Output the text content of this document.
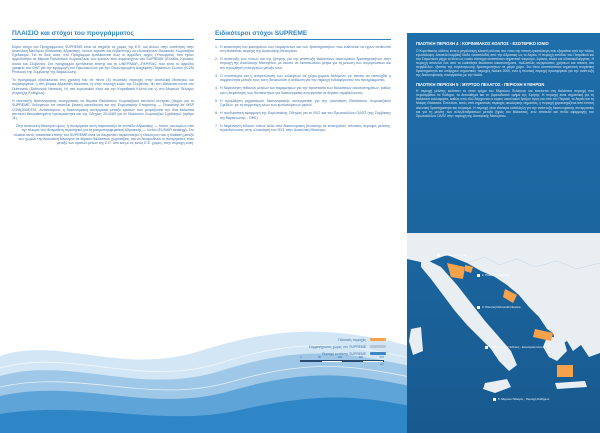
ΠΛΑΙΣΙΟ και στόχοι του προγράμματος

Κύριο στόχο του Προγράμματος SUPREME είναι να στηρίξει τις χώρες της Ε.Ε. και άλλων στην εκπόνηση στην Ανατολική Μεσόγειο (Θάλασσες Αδριατικής, Ιονίου, Αιγαίου και Λεβαντίνης) να υλοποιήσουν Θαλάσσιο Χωροταξικό Σχεδιασμό. Για το δική αυτό, στο Πρόγραμμα εμπλέκονται όλες οι αρμόδιες αρχές (Υπουργεία) που έχουν αρμοδιότητα σε θέματα Θαλάσσιου Χωροταξικού των κρατών που συμμετέχουν στο SUPREME (Ελλάδα, Κροατία, Ιταλία και Σλοβενία). Στο πρόγραμμα εμπλέκεται επίσης και το UNEP/MAP—PAP/RAC που είναι το αρμόδιο γραφείο του ΟΗΕ για την εφαρμογή του Πρωτοκόλλου για την Ολοκληρωμένη Διαχείριση Παράκτιων Ζωνών (ICZM Protocol) της Σύμβασης της Βαρκελώνης.

Το πρόγραμμα εξειδικεύεται στη χρονική του σε πέντε (5) πιλοτικές περιοχές στην Ανατολική Μεσόγειο και συγκεκριμένα: i) στη βόρεια Αδριατική θάλασσα, ii) στην περιοχή κοίλο της Σλοβενίας, iii) στη θάλασσα κοντά στο Dubrovnik (Dubrovnik Neretva), iv) στο ευρωπαϊκό Ιόνιο και την Κορινθιακό Κόλπο και v) στο Μυρτώο Πέλαγος (περιοχής Κυθήρων).

Η ανάπτυξη διασυνοριακής συνεργασίας σε θέματα Θαλάσσιου Χωροταξικού αποτελεί κεντρικό ζήτημα για το SUPREME, δεδομένου ότι αποτελεί βασική κατεύθυνση και της Ευρωπαϊκής Επιτροπής — Roadmap for MSP COM(2008)791. Ανταπόκρινα, η διασυνοριακή συνεργασία μεταξύ κρατών που μοιράζονται την ίδια θάλασσα αποτελεί θεσμοθετημένη προτεραιότητα και της Οδηγίας 2014/89 για το Θαλάσσιο Χωροταξικό Σχεδιασμό (άρθρο 11).

Στην Ανατολική Μεσόγειο όμως, η συνεργασία αυτή παρουσιάζει σε επίπεδο Αδριατικής — Ιονίου, και κυρίως από την πλευρά των θεσμοθέτη στρατηγική για τη μακροπεριφερειακή Αδριατικής — Ιονίου (EUSAIR strategy). Στο πλαίσιο αυτό, απαιτείται επίσης του SUPREME είναι να διευρυνθεί περισσότερο η «διάλογος» και η διάθεση μεταξύ των χωρών την Ανατολική Μεσόγειο σε θέματα Θαλάσσιου χωροταξίας, και να διευρυνθούν οι συνεργασίες τόσο μεταξύ των κρατών-μελών της Ε.Ε. όσο και με τις εκτός Ε.Ε. χώρες, στην περιοχή αυτή.

Ειδικότεροι στόχοι SUPREME
1. Η κατανόηση του φαινομένου των παραγόντων και των δραστηριοτήτων που ευθύνεται να έχουν αντίκτυπο στη θαλάσσια περιοχή της Ανατολικής Μεσογείου.
2. Η ανάπτυξη των τύπων και της ζήτησης για την ανάπτυξη θαλάσσιων οικονομικών δραστηριοτήτων στην περιοχή της Ανατολικής Μεσογείου, με σκοπό να διατυπωθούν μέτρα για τη μείωση των συγκρούσεων και την προώθηση συνεργειών μεταξύ τους.
3. Ο εντοπισμός και η αντιμετώπιση των ελλείψεων σε χώρο-χωρικά δεδομένα, με σκοπό να επιτευχθεί η συμβατότητα μεταξύ τους και η διευκολύνει η ανάλυση για την περιοχή ενδιαφέροντος του προγράμματος.
4. Η διερεύνηση πιθανών μέτρων και παραμέτρων για την προστασία των θαλάσσιων οικοσυστημάτων, καθώς και η διερεύνηση των δυνατοτήτων για διασυνοριακή συνεργασία σε θέματα περιβάλλοντος.
5. Η προώθηση μηχανισμών διασυνοριακής συνεργασίας για την υλοποίηση Θαλάσσιων Χωροταξικών Σχεδίων, με τη συμμετοχή όλων των εμπλεκόμενων μερών.
6. Η συνδυαστική εφαρμογή της Ευρωπαϊκής Οδηγίας για το ΘΧΣ και του Πρωτοκόλλου ΟΔΠΖ (της Σύμβασης της Βαρκελώνης - ΟΗΕ).
7. Η διερεύνηση ειδικών τύπων αλλά από διασυνοριακή (πιλοτικής σε επιλεγμένες πιλοτικές περιοχές μελέτης, προσδιόνοντας στην υλοποίηση του ΘΧΣ στην Ανατολική Μεσόγειο.
Πιλοτικές περιοχές
Συμμετέχουσες χώρες στο SUPREME
Περιοχή εστίασης SUPREME
0	95	190	380	570
km
ΠΙΛΟΤΙΚΗ ΠΕΡΙΟΧΗ 4 : ΚΟΡΙΝΘΙΑΚΟΣ ΚΟΛΠΟΣ - ΕΣΩΤΕΡΙΚΟ ΙΟΝΙΟ

Ο Κορινθιακός κόλπος είναι η μεγαλύτερη κλειστή κόλπος στο νότιο της τοπική εγκατάλειψη που εξαρτάται από την πόλεις εγκατάλειψη. Αποτελεί κομβική δίοδο ναυσιπλοΐας από την Αδριατική ως το Αιγαίο. Η περιοχή εισόδου του Πατραϊκού και του Σαρωνικού μέχρι το Ιόνιο ως ενιαίο σύστημα αναπτύσσει σημαντικό τουρισμό, λιμάνια, αλιεία και υδατοκαλλιέργειες. Η περιοχή αποτελεί ένα από τα ευαίσθητα θαλάσσια οικοσυστήματα, πολλαπλές συγκρούσεις χρήσεων και πιέσεις στο περιβάλλον, εξαιτίας της συγκέντρωσης δραστηριοτήτων σε μικρό χώρο. Στο Ιόνιο αναπτύσσεται σημαντική τουριστική δραστηριότητα και υπάρχουν σημαντικές περιοχές Natura 2000, ενώ η πιλοτική περιοχή προσφέρεται για την ανάπτυξη της διασυνοριακής συνεργασίας με την Ιταλία.

ΠΙΛΟΤΙΚΗ ΠΕΡΙΟΧΗ 5 : ΜΥΡΤΩΟ ΠΕΛΑΓΟΣ - ΠΕΡΙΟΧΗ ΚΥΘΗΡΩΝ

Η περιοχή μελέτης καλύπτει το νότιο τμήμα του Μυρτώου Πελάγους και εκτείνεται στη θαλάσσια περιοχή που περιλαμβάνει τα Κύθηρα, τα Αντικύθηρα και το βορειοδυτικό τμήμα της Κρήτης. Η περιοχή είναι σημαντική για τη θαλάσσια κυκλοφορία, καθώς από εδώ διέρχονται οι κύριοι ναυτιλιακοί δρόμοι προς και από τον Πειραιά, το Αιγαίο και τη Μαύρη Θάλασσα. Επιπλέον, εκτός από σημαντικές περιοχές οικολογικής σημασίας, η περιοχή χαρακτηρίζεται από έντονη αλιευτική δραστηριότητα και τουρισμό. Η περιοχή είναι ιδιαίτερα κατάλληλη για την ανάπτυξη διασυνοριακής συνεργασίας και για τη μελέτη των αλληλεπιδράσεων μεταξύ ξηράς και θάλασσας, ενώ αποτελεί και πεδίο εφαρμογής του Πρωτοκόλλου ΟΔΠΖ στην περιοχή της Ανατολικής Μεσογείου.

1. Βόρεια Αδριατική
2. Πιλοτική Σλοβενίας
3. Πιλοτική Dubrovnik Neretva
4. Κορινθιακός Κόλπος - Εσωτερικό Ιόνιο
5. Μυρτώο Πέλαγος - Περιοχή Κυθήρων
